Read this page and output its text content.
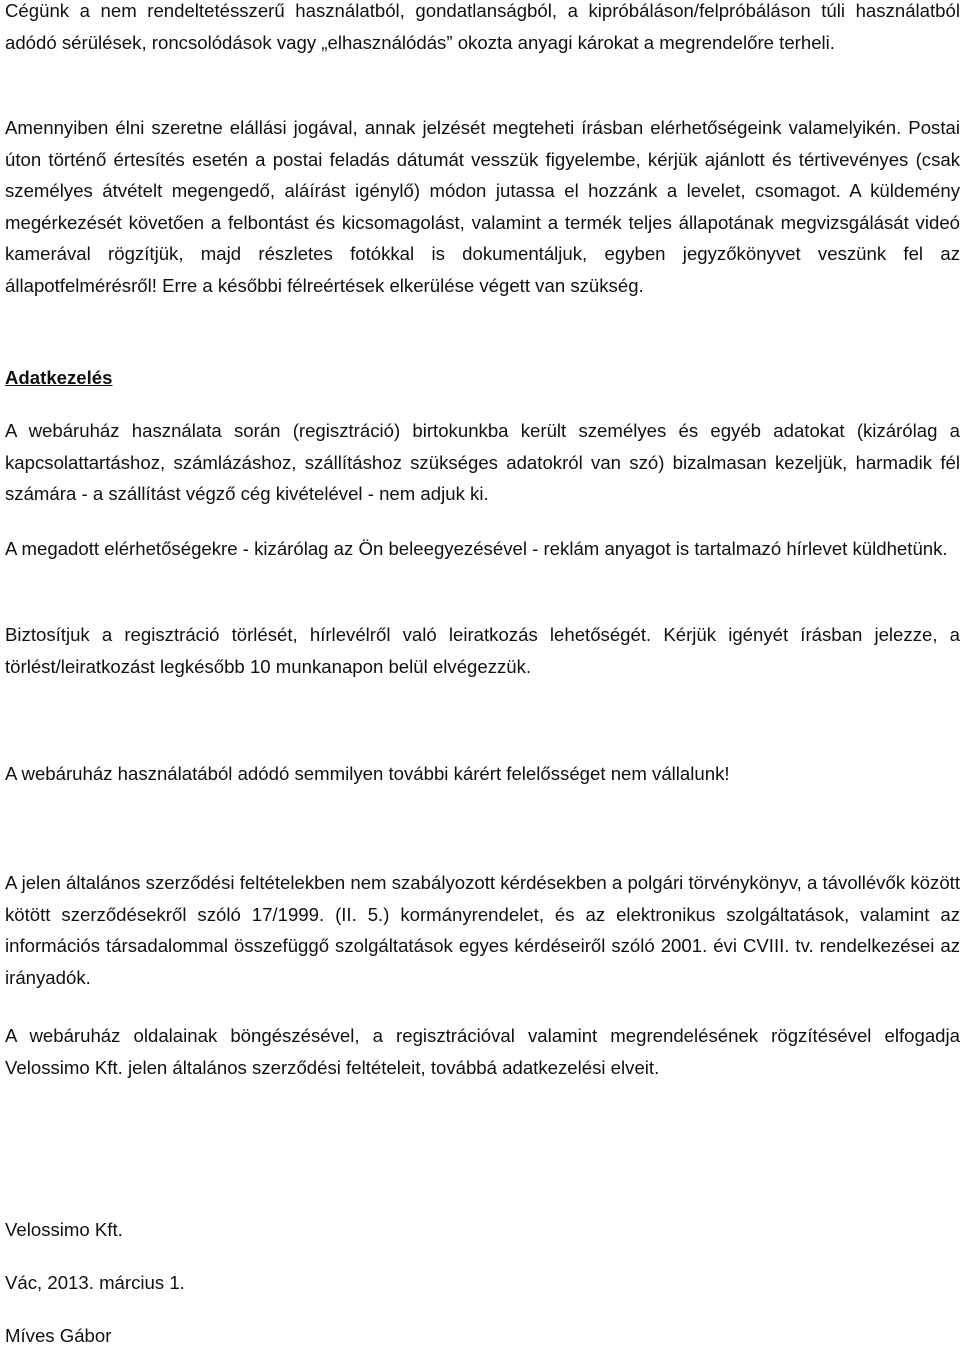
Cégünk a nem rendeltetésszerű használatból, gondatlanságból, a kipróbáláson/felpróbáláson túli használatból adódó sérülések, roncsolódások vagy „elhasználódás” okozta anyagi károkat a megrendelőre terheli.

Amennyiben élni szeretne elállási jogával, annak jelzését megteheti írásban elérhetőségeink valamelyikén. Postai úton történő értesítés esetén a postai feladás dátumát vesszük figyelembe, kérjük ajánlott és tértivevényes (csak személyes átvételt megengedő, aláírást igénylő) módon jutassa el hozzánk a levelet, csomagot. A küldemény megérkezését követően a felbontást és kicsomagolást, valamint a termék teljes állapotának megvizsgálását videó kamerával rögzítjük, majd részletes fotókkal is dokumentáljuk, egyben jegyzőkönyvet veszünk fel az állapotfelmérésről! Erre a későbbi félreértések elkerülése végett van szükség.

Adatkezelés

A webáruház használata során (regisztráció) birtokunkba került személyes és egyéb adatokat (kizárólag a kapcsolattartáshoz, számlázáshoz, szállításhoz szükséges adatokról van szó) bizalmasan kezeljük, harmadik fél számára - a szállítást végző cég kivételével - nem adjuk ki.

A megadott elérhetőségekre - kizárólag az Ön beleegyezésével - reklám anyagot is tartalmazó hírlevet küldhetünk.

Biztosítjuk a regisztráció törlését, hírlevélről való leiratkozás lehetőségét. Kérjük igényét írásban jelezze, a törlést/leiratkozást legkésőbb 10 munkanapon belül elvégezzük.

A webáruház használatából adódó semmilyen további kárért felelősséget nem vállalunk!

A jelen általános szerződési feltételekben nem szabályozott kérdésekben a polgári törvénykönyv, a távollévők között kötött szerződésekről szóló 17/1999. (II. 5.) kormányrendelet, és az elektronikus szolgáltatások, valamint az információs társadalommal összefüggő szolgáltatások egyes kérdéseiről szóló 2001. évi CVIII. tv. rendelkezései az irányadók.

A webáruház oldalainak böngészésével, a regisztrációval valamint megrendelésének rögzítésével elfogadja Velossimo Kft. jelen általános szerződési feltételeit, továbbá adatkezelési elveit.

Velossimo Kft.

Vác, 2013. március 1.

Míves Gábor
